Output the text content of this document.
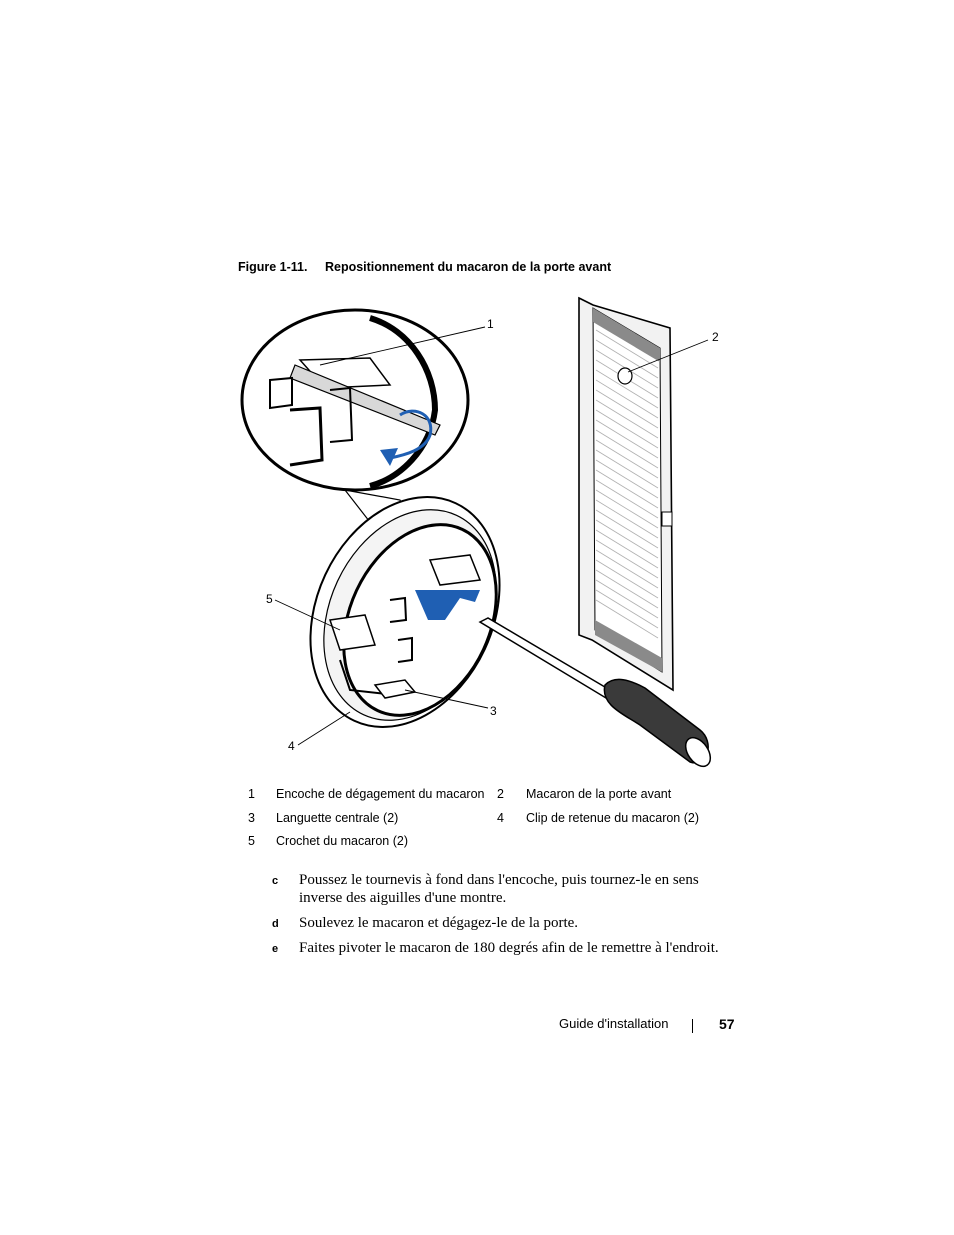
Figure 1-11. Repositionnement du macaron de la porte avant
1
2
3
4
5
1 Encoche de dégagement du macaron 2 Macaron de la porte avant
3 Languette centrale (2)	4 Clip de retenue du macaron (2)
5 Crochet du macaron (2)
c Poussez le tournevis à fond dans l'encoche, puis tournez-le en sens inverse des aiguilles d'une montre.
d Soulevez le macaron et dégagez-le de la porte.
e Faites pivoter le macaron de 180 degrés afin de le remettre à l'endroit.
Guide d'installation	57
